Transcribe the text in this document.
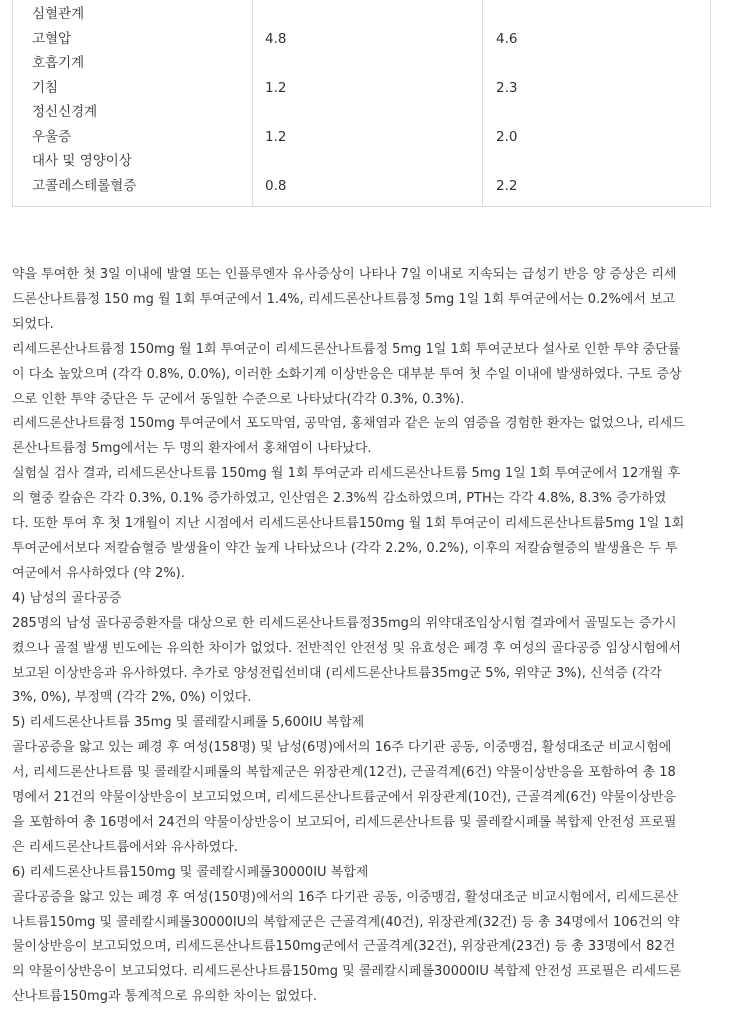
심혈관계
고혈압	4.8	4.6
호흡기계
기침	1.2	2.3
정신신경계
우울증	1.2	2.0
대사 및 영양이상
고콜레스테롤혈증	0.8	2.2

약을 투여한 첫 3일 이내에 발열 또는 인플루엔자 유사증상이 나타나 7일 이내로 지속되는 급성기 반응 양 증상은 리세

드론산나트륨정 150 mg 월 1회 투여군에서 1.4%, 리세드론산나트륨정 5mg 1일 1회 투여군에서는 0.2%에서 보고

되었다.

리세드론산나트륨정 150mg 월 1회 투여군이 리세드론산나트륨정 5mg 1일 1회 투여군보다 설사로 인한 투약 중단률

이 다소 높았으며 (각각 0.8%, 0.0%), 이러한 소화기계 이상반응은 대부분 투여 첫 수일 이내에 발생하였다. 구토 증상

으로 인한 투약 중단은 두 군에서 동일한 수준으로 나타났다(각각 0.3%, 0.3%).

리세드론산나트륨정 150mg 투여군에서 포도막염, 공막염, 홍채염과 같은 눈의 염증을 경험한 환자는 없었으나, 리세드

론산나트륨정 5mg에서는 두 명의 환자에서 홍채염이 나타났다.

실험실 검사 결과, 리세드론산나트륨 150mg 월 1회 투여군과 리세드론산나트륨 5mg 1일 1회 투여군에서 12개월 후

의 혈중 칼슘은 각각 0.3%, 0.1% 증가하였고, 인산염은 2.3%씩 감소하였으며, PTH는 각각 4.8%, 8.3% 증가하였

다. 또한 투여 후 첫 1개월이 지난 시점에서 리세드론산나트륨150mg 월 1회 투여군이 리세드론산나트륨5mg 1일 1회

투여군에서보다 저칼슘혈증 발생율이 약간 높게 나타났으나 (각각 2.2%, 0.2%), 이후의 저칼슘혈증의 발생율은 두 투

여군에서 유사하였다 (약 2%).

4) 남성의 골다공증

285명의 남성 골다공증환자를 대상으로 한 리세드론산나트륨정35mg의 위약대조임상시험 결과에서 골밀도는 증가시

켰으나 골절 발생 빈도에는 유의한 차이가 없었다. 전반적인 안전성 및 유효성은 폐경 후 여성의 골다공증 임상시험에서

보고된 이상반응과 유사하였다. 추가로 양성전립선비대 (리세드론산나트륨35mg군 5%, 위약군 3%), 신석증 (각각

3%, 0%), 부정맥 (각각 2%, 0%) 이었다.

5) 리세드론산나트륨 35mg 및 콜레칼시페롤 5,600IU 복합제

골다공증을 앓고 있는 폐경 후 여성(158명) 및 남성(6명)에서의 16주 다기관 공동, 이중맹검, 활성대조군 비교시험에

서, 리세드론산나트륨 및 콜레칼시페롤의 복합제군은 위장관계(12건), 근골격계(6건) 약물이상반응을 포함하여 총 18

명에서 21건의 약물이상반응이 보고되었으며, 리세드론산나트륨군에서 위장관계(10건), 근골격계(6건) 약물이상반응

을 포함하여 총 16명에서 24건의 약물이상반응이 보고되어, 리세드론산나트륨 및 콜레칼시페롤 복합제 안전성 프로필

은 리세드론산나트륨에서와 유사하였다.

6) 리세드론산나트륨150mg 및 콜레칼시페롤30000IU 복합제

골다공증을 앓고 있는 폐경 후 여성(150명)에서의 16주 다기관 공동, 이중맹검, 활성대조군 비교시험에서, 리세드론산

나트륨150mg 및 콜레칼시페롤30000IU의 복합제군은 근골격계(40건), 위장관계(32건) 등 총 34명에서 106건의 약

물이상반응이 보고되었으며, 리세드론산나트륨150mg군에서 근골격계(32건), 위장관계(23건) 등 총 33명에서 82건

의 약물이상반응이 보고되었다. 리세드론산나트륨150mg 및 콜레칼시페롤30000IU 복합제 안전성 프로필은 리세드론

산나트륨150mg과 통계적으로 유의한 차이는 없었다.
